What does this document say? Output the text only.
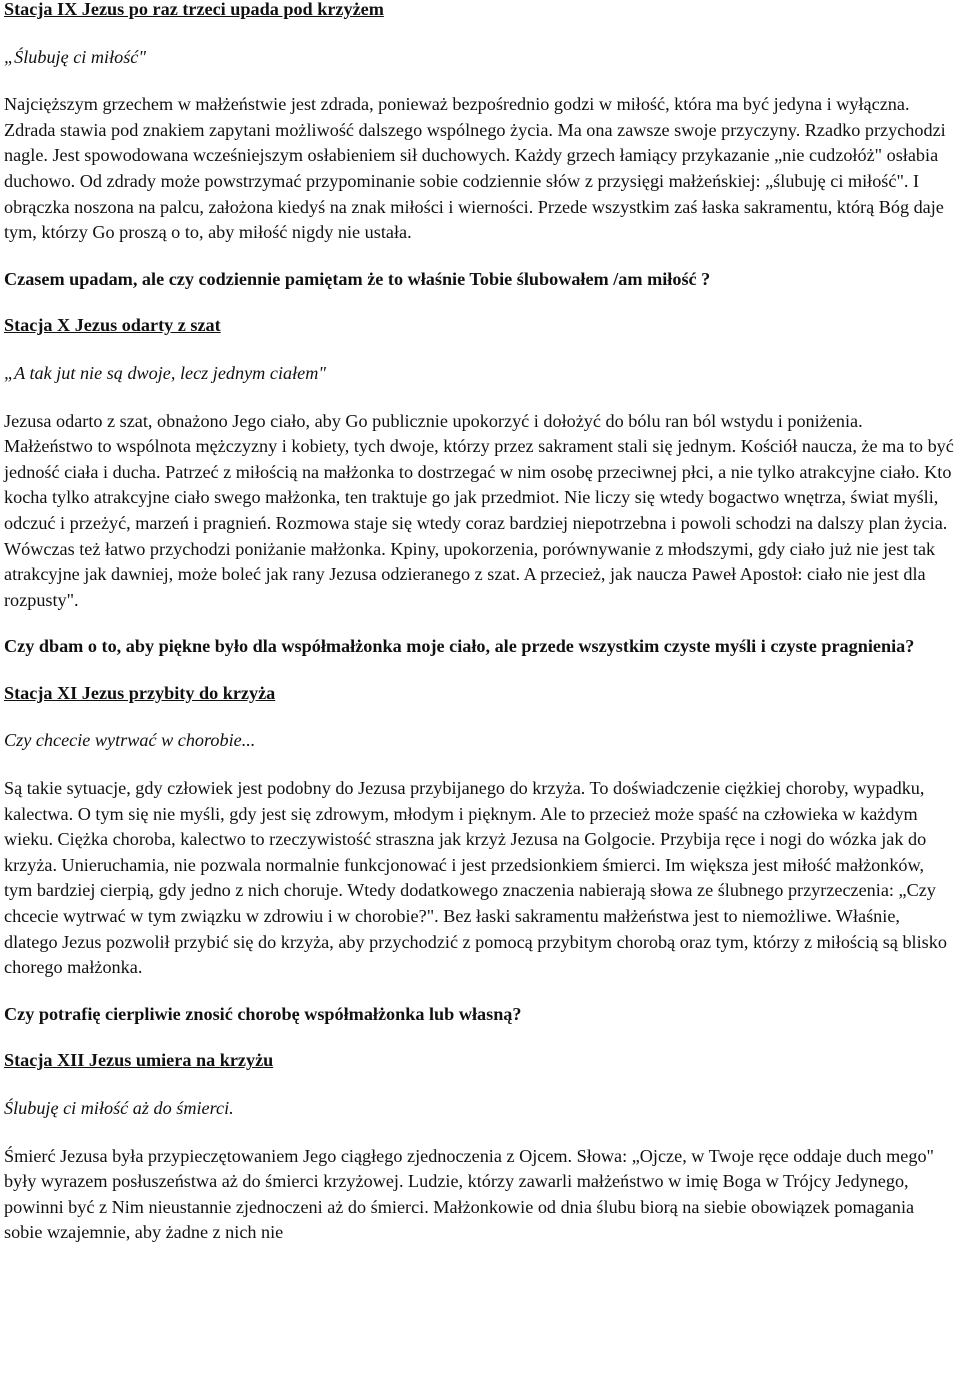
Stacja IX Jezus po raz trzeci upada pod krzyżem

„Ślubuję ci miłość"

Najcięższym grzechem w małżeństwie jest zdrada, ponieważ bezpośrednio godzi w miłość, która ma być jedyna i wyłączna. Zdrada stawia pod znakiem zapytani możliwość dalszego wspólnego życia. Ma ona zawsze swoje przyczyny. Rzadko przychodzi nagle. Jest spowodowana wcześniejszym osłabieniem sił duchowych. Każdy grzech łamiący przykazanie „nie cudzołóż" osłabia duchowo. Od zdrady może powstrzymać przypominanie sobie codziennie słów z przysięgi małżeńskiej: „ślubuję ci miłość". I obrączka noszona na palcu, założona kiedyś na znak miłości i wierności. Przede wszystkim zaś łaska sakramentu, którą Bóg daje tym, którzy Go proszą o to, aby miłość nigdy nie ustała.

Czasem upadam, ale czy codziennie pamiętam że to właśnie Tobie ślubowałem /am miłość ?

Stacja X Jezus odarty z szat

„A tak jut nie są dwoje, lecz jednym ciałem"

Jezusa odarto z szat, obnażono Jego ciało, aby Go publicznie upokorzyć i dołożyć do bólu ran ból wstydu i poniżenia. Małżeństwo to wspólnota mężczyzny i kobiety, tych dwoje, którzy przez sakrament stali się jednym. Kościół naucza, że ma to być jedność ciała i ducha. Patrzeć z miłością na małżonka to dostrzegać w nim osobę przeciwnej płci, a nie tylko atrakcyjne ciało. Kto kocha tylko atrakcyjne ciało swego małżonka, ten traktuje go jak przedmiot. Nie liczy się wtedy bogactwo wnętrza, świat myśli, odczuć i przeżyć, marzeń i pragnień. Rozmowa staje się wtedy coraz bardziej niepotrzebna i powoli schodzi na dalszy plan życia. Wówczas też łatwo przychodzi poniżanie małżonka. Kpiny, upokorzenia, porównywanie z młodszymi, gdy ciało już nie jest tak atrakcyjne jak dawniej, może boleć jak rany Jezusa odzieranego z szat. A przecież, jak naucza Paweł Apostoł: ciało nie jest dla rozpusty".

Czy dbam o to, aby piękne było dla współmałżonka moje ciało, ale przede wszystkim czyste myśli i czyste pragnienia?

Stacja XI Jezus przybity do krzyża

Czy chcecie wytrwać w chorobie...

Są takie sytuacje, gdy człowiek jest podobny do Jezusa przybijanego do krzyża. To doświadczenie ciężkiej choroby, wypadku, kalectwa. O tym się nie myśli, gdy jest się zdrowym, młodym i pięknym. Ale to przecież może spaść na człowieka w każdym wieku. Ciężka choroba, kalectwo to rzeczywistość straszna jak krzyż Jezusa na Golgocie. Przybija ręce i nogi do wózka jak do krzyża. Unieruchamia, nie pozwala normalnie funkcjonować i jest przedsionkiem śmierci. Im większa jest miłość małżonków, tym bardziej cierpią, gdy jedno z nich choruje. Wtedy dodatkowego znaczenia nabierają słowa ze ślubnego przyrzeczenia: „Czy chcecie wytrwać w tym związku w zdrowiu i w chorobie?". Bez łaski sakramentu małżeństwa jest to niemożliwe. Właśnie, dlatego Jezus pozwolił przybić się do krzyża, aby przychodzić z pomocą przybitym chorobą oraz tym, którzy z miłością są blisko chorego małżonka.

Czy potrafię cierpliwie znosić chorobę współmałżonka lub własną?

Stacja XII Jezus umiera na krzyżu

Ślubuję ci miłość aż do śmierci.

Śmierć Jezusa była przypieczętowaniem Jego ciągłego zjednoczenia z Ojcem. Słowa: „Ojcze, w Twoje ręce oddaje duch mego" były wyrazem posłuszeństwa aż do śmierci krzyżowej. Ludzie, którzy zawarli małżeństwo w imię Boga w Trójcy Jedynego, powinni być z Nim nieustannie zjednoczeni aż do śmierci. Małżonkowie od dnia ślubu biorą na siebie obowiązek pomagania sobie wzajemnie, aby żadne z nich nie
